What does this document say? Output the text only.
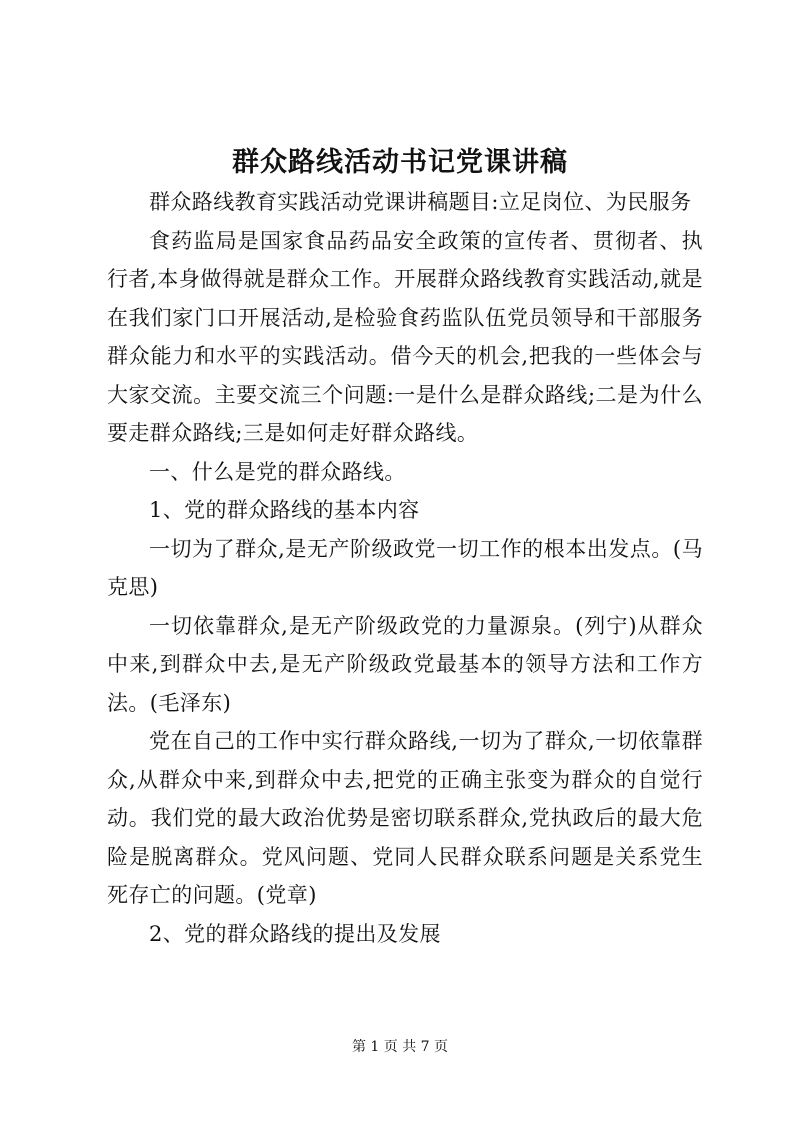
群众路线活动书记党课讲稿

群众路线教育实践活动党课讲稿题目:立足岗位、为民服务

食药监局是国家食品药品安全政策的宣传者、贯彻者、执行者,本身做得就是群众工作。开展群众路线教育实践活动,就是在我们家门口开展活动,是检验食药监队伍党员领导和干部服务群众能力和水平的实践活动。借今天的机会,把我的一些体会与大家交流。主要交流三个问题:一是什么是群众路线;二是为什么要走群众路线;三是如何走好群众路线。

一、什么是党的群众路线。

1、党的群众路线的基本内容

一切为了群众,是无产阶级政党一切工作的根本出发点。(马克思)

一切依靠群众,是无产阶级政党的力量源泉。(列宁)从群众中来,到群众中去,是无产阶级政党最基本的领导方法和工作方法。(毛泽东)

党在自己的工作中实行群众路线,一切为了群众,一切依靠群众,从群众中来,到群众中去,把党的正确主张变为群众的自觉行动。我们党的最大政治优势是密切联系群众,党执政后的最大危险是脱离群众。党风问题、党同人民群众联系问题是关系党生死存亡的问题。(党章)

2、党的群众路线的提出及发展

第 1 页 共 7 页
